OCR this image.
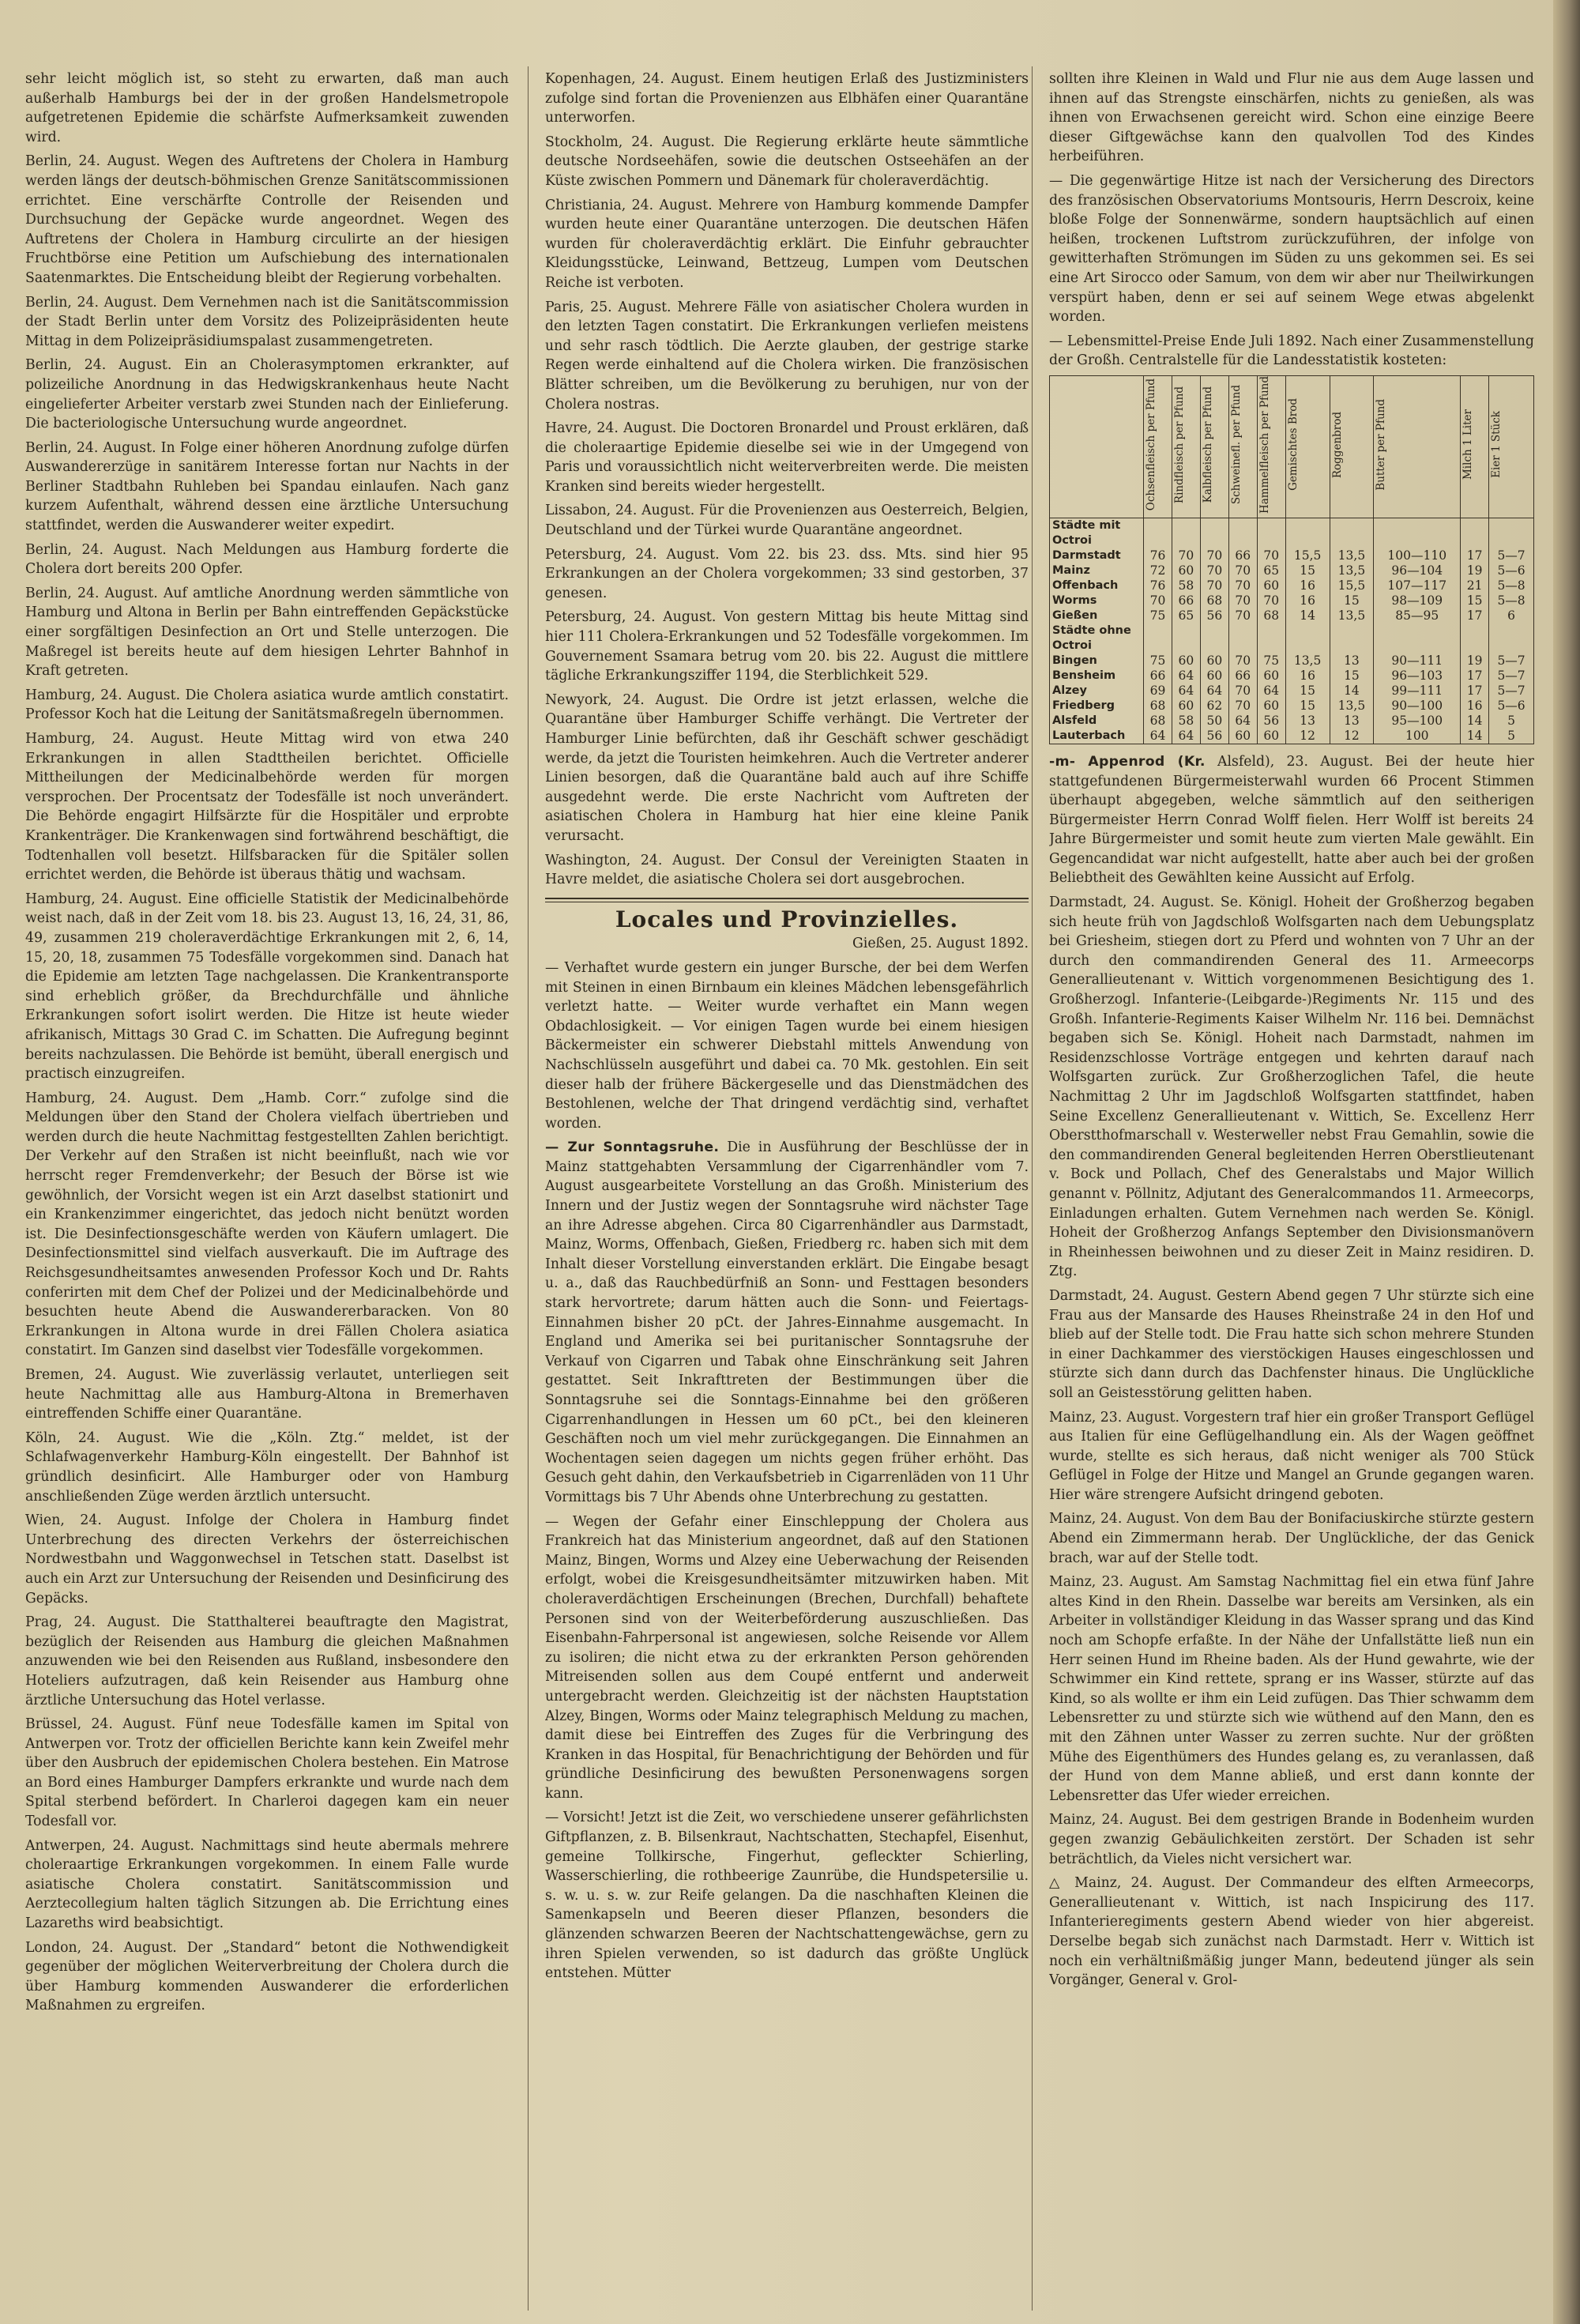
sehr leicht möglich ist, so steht zu erwarten, daß man auch außerhalb Hamburgs bei der in der großen Handelsmetropole aufgetretenen Epidemie die schärfste Aufmerksamkeit zuwenden wird.

Berlin, 24. August. Wegen des Auftretens der Cholera in Hamburg werden längs der deutsch-böhmischen Grenze Sanitätscommissionen errichtet. Eine verschärfte Controlle der Reisenden und Durchsuchung der Gepäcke wurde angeordnet. Wegen des Auftretens der Cholera in Hamburg circulirte an der hiesigen Fruchtbörse eine Petition um Aufschiebung des internationalen Saatenmarktes. Die Entscheidung bleibt der Regierung vorbehalten.

Berlin, 24. August. Dem Vernehmen nach ist die Sanitätscommission der Stadt Berlin unter dem Vorsitz des Polizeipräsidenten heute Mittag in dem Polizeipräsidiumspalast zusammengetreten.

Berlin, 24. August. Ein an Cholerasymptomen erkrankter, auf polizeiliche Anordnung in das Hedwigskrankenhaus heute Nacht eingelieferter Arbeiter verstarb zwei Stunden nach der Einlieferung. Die bacteriologische Untersuchung wurde angeordnet.

Berlin, 24. August. In Folge einer höheren Anordnung zufolge dürfen Auswandererzüge in sanitärem Interesse fortan nur Nachts in der Berliner Stadtbahn Ruhleben bei Spandau einlaufen. Nach ganz kurzem Aufenthalt, während dessen eine ärztliche Untersuchung stattfindet, werden die Auswanderer weiter expedirt.

Berlin, 24. August. Nach Meldungen aus Hamburg forderte die Cholera dort bereits 200 Opfer.

Berlin, 24. August. Auf amtliche Anordnung werden sämmtliche von Hamburg und Altona in Berlin per Bahn eintreffenden Gepäckstücke einer sorgfältigen Desinfection an Ort und Stelle unterzogen. Die Maßregel ist bereits heute auf dem hiesigen Lehrter Bahnhof in Kraft getreten.

Hamburg, 24. August. Die Cholera asiatica wurde amtlich constatirt. Professor Koch hat die Leitung der Sanitätsmaßregeln übernommen.

Hamburg, 24. August. Heute Mittag wird von etwa 240 Erkrankungen in allen Stadttheilen berichtet. Officielle Mittheilungen der Medicinalbehörde werden für morgen versprochen. Der Procentsatz der Todesfälle ist noch unverändert. Die Behörde engagirt Hilfsärzte für die Hospitäler und erprobte Krankenträger. Die Krankenwagen sind fortwährend beschäftigt, die Todtenhallen voll besetzt. Hilfsbaracken für die Spitäler sollen errichtet werden, die Behörde ist überaus thätig und wachsam.

Hamburg, 24. August. Eine officielle Statistik der Medicinalbehörde weist nach, daß in der Zeit vom 18. bis 23. August 13, 16, 24, 31, 86, 49, zusammen 219 choleraverdächtige Erkrankungen mit 2, 6, 14, 15, 20, 18, zusammen 75 Todesfälle vorgekommen sind. Danach hat die Epidemie am letzten Tage nachgelassen. Die Krankentransporte sind erheblich größer, da Brechdurchfälle und ähnliche Erkrankungen sofort isolirt werden. Die Hitze ist heute wieder afrikanisch, Mittags 30 Grad C. im Schatten. Die Aufregung beginnt bereits nachzulassen. Die Behörde ist bemüht, überall energisch und practisch einzugreifen.

Hamburg, 24. August. Dem „Hamb. Corr.“ zufolge sind die Meldungen über den Stand der Cholera vielfach übertrieben und werden durch die heute Nachmittag festgestellten Zahlen berichtigt. Der Verkehr auf den Straßen ist nicht beeinflußt, nach wie vor herrscht reger Fremdenverkehr; der Besuch der Börse ist wie gewöhnlich, der Vorsicht wegen ist ein Arzt daselbst stationirt und ein Krankenzimmer eingerichtet, das jedoch nicht benützt worden ist. Die Desinfectionsgeschäfte werden von Käufern umlagert. Die Desinfectionsmittel sind vielfach ausverkauft. Die im Auftrage des Reichsgesundheitsamtes anwesenden Professor Koch und Dr. Rahts conferirten mit dem Chef der Polizei und der Medicinalbehörde und besuchten heute Abend die Auswandererbaracken. Von 80 Erkrankungen in Altona wurde in drei Fällen Cholera asiatica constatirt. Im Ganzen sind daselbst vier Todesfälle vorgekommen.

Bremen, 24. August. Wie zuverlässig verlautet, unterliegen seit heute Nachmittag alle aus Hamburg-Altona in Bremerhaven eintreffenden Schiffe einer Quarantäne.

Köln, 24. August. Wie die „Köln. Ztg.“ meldet, ist der Schlafwagenverkehr Hamburg-Köln eingestellt. Der Bahnhof ist gründlich desinficirt. Alle Hamburger oder von Hamburg anschließenden Züge werden ärztlich untersucht.

Wien, 24. August. Infolge der Cholera in Hamburg findet Unterbrechung des directen Verkehrs der österreichischen Nordwestbahn und Waggonwechsel in Tetschen statt. Daselbst ist auch ein Arzt zur Untersuchung der Reisenden und Desinficirung des Gepäcks.

Prag, 24. August. Die Statthalterei beauftragte den Magistrat, bezüglich der Reisenden aus Hamburg die gleichen Maßnahmen anzuwenden wie bei den Reisenden aus Rußland, insbesondere den Hoteliers aufzutragen, daß kein Reisender aus Hamburg ohne ärztliche Untersuchung das Hotel verlasse.

Brüssel, 24. August. Fünf neue Todesfälle kamen im Spital von Antwerpen vor. Trotz der officiellen Berichte kann kein Zweifel mehr über den Ausbruch der epidemischen Cholera bestehen. Ein Matrose an Bord eines Hamburger Dampfers erkrankte und wurde nach dem Spital sterbend befördert. In Charleroi dagegen kam ein neuer Todesfall vor.

Antwerpen, 24. August. Nachmittags sind heute abermals mehrere choleraartige Erkrankungen vorgekommen. In einem Falle wurde asiatische Cholera constatirt. Sanitätscommission und Aerztecollegium halten täglich Sitzungen ab. Die Errichtung eines Lazareths wird beabsichtigt.

London, 24. August. Der „Standard“ betont die Nothwendigkeit gegenüber der möglichen Weiterverbreitung der Cholera durch die über Hamburg kommenden Auswanderer die erforderlichen Maßnahmen zu ergreifen.

Kopenhagen, 24. August. Einem heutigen Erlaß des Justizministers zufolge sind fortan die Provenienzen aus Elbhäfen einer Quarantäne unterworfen.

Stockholm, 24. August. Die Regierung erklärte heute sämmtliche deutsche Nordseehäfen, sowie die deutschen Ostseehäfen an der Küste zwischen Pommern und Dänemark für choleraverdächtig.

Christiania, 24. August. Mehrere von Hamburg kommende Dampfer wurden heute einer Quarantäne unterzogen. Die deutschen Häfen wurden für choleraverdächtig erklärt. Die Einfuhr gebrauchter Kleidungsstücke, Leinwand, Bettzeug, Lumpen vom Deutschen Reiche ist verboten.

Paris, 25. August. Mehrere Fälle von asiatischer Cholera wurden in den letzten Tagen constatirt. Die Erkrankungen verliefen meistens und sehr rasch tödtlich. Die Aerzte glauben, der gestrige starke Regen werde einhaltend auf die Cholera wirken. Die französischen Blätter schreiben, um die Bevölkerung zu beruhigen, nur von der Cholera nostras.

Havre, 24. August. Die Doctoren Bronardel und Proust erklären, daß die choleraartige Epidemie dieselbe sei wie in der Umgegend von Paris und voraussichtlich nicht weiterverbreiten werde. Die meisten Kranken sind bereits wieder hergestellt.

Lissabon, 24. August. Für die Provenienzen aus Oesterreich, Belgien, Deutschland und der Türkei wurde Quarantäne angeordnet.

Petersburg, 24. August. Vom 22. bis 23. dss. Mts. sind hier 95 Erkrankungen an der Cholera vorgekommen; 33 sind gestorben, 37 genesen.

Petersburg, 24. August. Von gestern Mittag bis heute Mittag sind hier 111 Cholera-Erkrankungen und 52 Todesfälle vorgekommen. Im Gouvernement Ssamara betrug vom 20. bis 22. August die mittlere tägliche Erkrankungsziffer 1194, die Sterblichkeit 529.

Newyork, 24. August. Die Ordre ist jetzt erlassen, welche die Quarantäne über Hamburger Schiffe verhängt. Die Vertreter der Hamburger Linie befürchten, daß ihr Geschäft schwer geschädigt werde, da jetzt die Touristen heimkehren. Auch die Vertreter anderer Linien besorgen, daß die Quarantäne bald auch auf ihre Schiffe ausgedehnt werde. Die erste Nachricht vom Auftreten der asiatischen Cholera in Hamburg hat hier eine kleine Panik verursacht.

Washington, 24. August. Der Consul der Vereinigten Staaten in Havre meldet, die asiatische Cholera sei dort ausgebrochen.

Locales und Provinzielles.
Gießen, 25. August 1892.

— Verhaftet wurde gestern ein junger Bursche, der bei dem Werfen mit Steinen in einen Birnbaum ein kleines Mädchen lebensgefährlich verletzt hatte. — Weiter wurde verhaftet ein Mann wegen Obdachlosigkeit. — Vor einigen Tagen wurde bei einem hiesigen Bäckermeister ein schwerer Diebstahl mittels Anwendung von Nachschlüsseln ausgeführt und dabei ca. 70 Mk. gestohlen. Ein seit dieser halb der frühere Bäckergeselle und das Dienstmädchen des Bestohlenen, welche der That dringend verdächtig sind, verhaftet worden.

— Zur Sonntagsruhe. Die in Ausführung der Beschlüsse der in Mainz stattgehabten Versammlung der Cigarrenhändler vom 7. August ausgearbeitete Vorstellung an das Großh. Ministerium des Innern und der Justiz wegen der Sonntagsruhe wird nächster Tage an ihre Adresse abgehen. Circa 80 Cigarrenhändler aus Darmstadt, Mainz, Worms, Offenbach, Gießen, Friedberg rc. haben sich mit dem Inhalt dieser Vorstellung einverstanden erklärt. Die Eingabe besagt u. a., daß das Rauchbedürfniß an Sonn- und Festtagen besonders stark hervortrete; darum hätten auch die Sonn- und Feiertags-Einnahmen bisher 20 pCt. der Jahres-Einnahme ausgemacht. In England und Amerika sei bei puritanischer Sonntagsruhe der Verkauf von Cigarren und Tabak ohne Einschränkung seit Jahren gestattet. Seit Inkrafttreten der Bestimmungen über die Sonntagsruhe sei die Sonntags-Einnahme bei den größeren Cigarrenhandlungen in Hessen um 60 pCt., bei den kleineren Geschäften noch um viel mehr zurückgegangen. Die Einnahmen an Wochentagen seien dagegen um nichts gegen früher erhöht. Das Gesuch geht dahin, den Verkaufsbetrieb in Cigarrenläden von 11 Uhr Vormittags bis 7 Uhr Abends ohne Unterbrechung zu gestatten.

— Wegen der Gefahr einer Einschleppung der Cholera aus Frankreich hat das Ministerium angeordnet, daß auf den Stationen Mainz, Bingen, Worms und Alzey eine Ueberwachung der Reisenden erfolgt, wobei die Kreisgesundheitsämter mitzuwirken haben. Mit choleraverdächtigen Erscheinungen (Brechen, Durchfall) behaftete Personen sind von der Weiterbeförderung auszuschließen. Das Eisenbahn-Fahrpersonal ist angewiesen, solche Reisende vor Allem zu isoliren; die nicht etwa zu der erkrankten Person gehörenden Mitreisenden sollen aus dem Coupé entfernt und anderweit untergebracht werden. Gleichzeitig ist der nächsten Hauptstation Alzey, Bingen, Worms oder Mainz telegraphisch Meldung zu machen, damit diese bei Eintreffen des Zuges für die Verbringung des Kranken in das Hospital, für Benachrichtigung der Behörden und für gründliche Desinficirung des bewußten Personenwagens sorgen kann.

— Vorsicht! Jetzt ist die Zeit, wo verschiedene unserer gefährlichsten Giftpflanzen, z. B. Bilsenkraut, Nachtschatten, Stechapfel, Eisenhut, gemeine Tollkirsche, Fingerhut, gefleckter Schierling, Wasserschierling, die rothbeerige Zaunrübe, die Hundspetersilie u. s. w. u. s. w. zur Reife gelangen. Da die naschhaften Kleinen die Samenkapseln und Beeren dieser Pflanzen, besonders die glänzenden schwarzen Beeren der Nachtschattengewächse, gern zu ihren Spielen verwenden, so ist dadurch das größte Unglück entstehen. Mütter

sollten ihre Kleinen in Wald und Flur nie aus dem Auge lassen und ihnen auf das Strengste einschärfen, nichts zu genießen, als was ihnen von Erwachsenen gereicht wird. Schon eine einzige Beere dieser Giftgewächse kann den qualvollen Tod des Kindes herbeiführen.

— Die gegenwärtige Hitze ist nach der Versicherung des Directors des französischen Observatoriums Montsouris, Herrn Descroix, keine bloße Folge der Sonnenwärme, sondern hauptsächlich auf einen heißen, trockenen Luftstrom zurückzuführen, der infolge von gewitterhaften Strömungen im Süden zu uns gekommen sei. Es sei eine Art Sirocco oder Samum, von dem wir aber nur Theilwirkungen verspürt haben, denn er sei auf seinem Wege etwas abgelenkt worden.

— Lebensmittel-Preise Ende Juli 1892. Nach einer Zusammenstellung der Großh. Centralstelle für die Landesstatistik kosteten:

	Ochsenfleisch per Pfund	Rindfleisch per Pfund	Kalbfleisch per Pfund	Schweinefl. per Pfund	Hammelfleisch per Pfund	Gemischtes Brod	Roggenbrod	Butter per Pfund	Milch 1 Liter	Eier 1 Stück
Städte mit Octroi										
Darmstadt	76	70	70	66	70	15,5	13,5	100—110	17	5—7
Mainz	72	60	70	70	65	15	13,5	96—104	19	5—6
Offenbach	76	58	70	70	60	16	15,5	107—117	21	5—8
Worms	70	66	68	70	70	16	15	98—109	15	5—8
Gießen	75	65	56	70	68	14	13,5	85—95	17	6
Städte ohne Octroi										
Bingen	75	60	60	70	75	13,5	13	90—111	19	5—7
Bensheim	66	64	60	66	60	16	15	96—103	17	5—7
Alzey	69	64	64	70	64	15	14	99—111	17	5—7
Friedberg	68	60	62	70	60	15	13,5	90—100	16	5—6
Alsfeld	68	58	50	64	56	13	13	95—100	14	5
Lauterbach	64	64	56	60	60	12	12	100	14	5

-m- Appenrod (Kr. Alsfeld), 23. August. Bei der heute hier stattgefundenen Bürgermeisterwahl wurden 66 Procent Stimmen überhaupt abgegeben, welche sämmtlich auf den seitherigen Bürgermeister Herrn Conrad Wolff fielen. Herr Wolff ist bereits 24 Jahre Bürgermeister und somit heute zum vierten Male gewählt. Ein Gegencandidat war nicht aufgestellt, hatte aber auch bei der großen Beliebtheit des Gewählten keine Aussicht auf Erfolg.

Darmstadt, 24. August. Se. Königl. Hoheit der Großherzog begaben sich heute früh von Jagdschloß Wolfsgarten nach dem Uebungsplatz bei Griesheim, stiegen dort zu Pferd und wohnten von 7 Uhr an der durch den commandirenden General des 11. Armeecorps Generallieutenant v. Wittich vorgenommenen Besichtigung des 1. Großherzogl. Infanterie-(Leibgarde-)Regiments Nr. 115 und des Großh. Infanterie-Regiments Kaiser Wilhelm Nr. 116 bei. Demnächst begaben sich Se. Königl. Hoheit nach Darmstadt, nahmen im Residenzschlosse Vorträge entgegen und kehrten darauf nach Wolfsgarten zurück. Zur Großherzoglichen Tafel, die heute Nachmittag 2 Uhr im Jagdschloß Wolfsgarten stattfindet, haben Seine Excellenz Generallieutenant v. Wittich, Se. Excellenz Herr Oberstthofmarschall v. Westerweller nebst Frau Gemahlin, sowie die den commandirenden General begleitenden Herren Oberstlieutenant v. Bock und Pollach, Chef des Generalstabs und Major Willich genannt v. Pöllnitz, Adjutant des Generalcommandos 11. Armeecorps, Einladungen erhalten. Gutem Vernehmen nach werden Se. Königl. Hoheit der Großherzog Anfangs September den Divisionsmanövern in Rheinhessen beiwohnen und zu dieser Zeit in Mainz residiren. D. Ztg.

Darmstadt, 24. August. Gestern Abend gegen 7 Uhr stürzte sich eine Frau aus der Mansarde des Hauses Rheinstraße 24 in den Hof und blieb auf der Stelle todt. Die Frau hatte sich schon mehrere Stunden in einer Dachkammer des vierstöckigen Hauses eingeschlossen und stürzte sich dann durch das Dachfenster hinaus. Die Unglückliche soll an Geistesstörung gelitten haben.

Mainz, 23. August. Vorgestern traf hier ein großer Transport Geflügel aus Italien für eine Geflügelhandlung ein. Als der Wagen geöffnet wurde, stellte es sich heraus, daß nicht weniger als 700 Stück Geflügel in Folge der Hitze und Mangel an Grunde gegangen waren. Hier wäre strengere Aufsicht dringend geboten.

Mainz, 24. August. Von dem Bau der Bonifaciuskirche stürzte gestern Abend ein Zimmermann herab. Der Unglückliche, der das Genick brach, war auf der Stelle todt.

Mainz, 23. August. Am Samstag Nachmittag fiel ein etwa fünf Jahre altes Kind in den Rhein. Dasselbe war bereits am Versinken, als ein Arbeiter in vollständiger Kleidung in das Wasser sprang und das Kind noch am Schopfe erfaßte. In der Nähe der Unfallstätte ließ nun ein Herr seinen Hund im Rheine baden. Als der Hund gewahrte, wie der Schwimmer ein Kind rettete, sprang er ins Wasser, stürzte auf das Kind, so als wollte er ihm ein Leid zufügen. Das Thier schwamm dem Lebensretter zu und stürzte sich wie wüthend auf den Mann, den es mit den Zähnen unter Wasser zu zerren suchte. Nur der größten Mühe des Eigenthümers des Hundes gelang es, zu veranlassen, daß der Hund von dem Manne abließ, und erst dann konnte der Lebensretter das Ufer wieder erreichen.

Mainz, 24. August. Bei dem gestrigen Brande in Bodenheim wurden gegen zwanzig Gebäulichkeiten zerstört. Der Schaden ist sehr beträchtlich, da Vieles nicht versichert war.

△ Mainz, 24. August. Der Commandeur des elften Armeecorps, Generallieutenant v. Wittich, ist nach Inspicirung des 117. Infanterieregiments gestern Abend wieder von hier abgereist. Derselbe begab sich zunächst nach Darmstadt. Herr v. Wittich ist noch ein verhältnißmäßig junger Mann, bedeutend jünger als sein Vorgänger, General v. Grol-
